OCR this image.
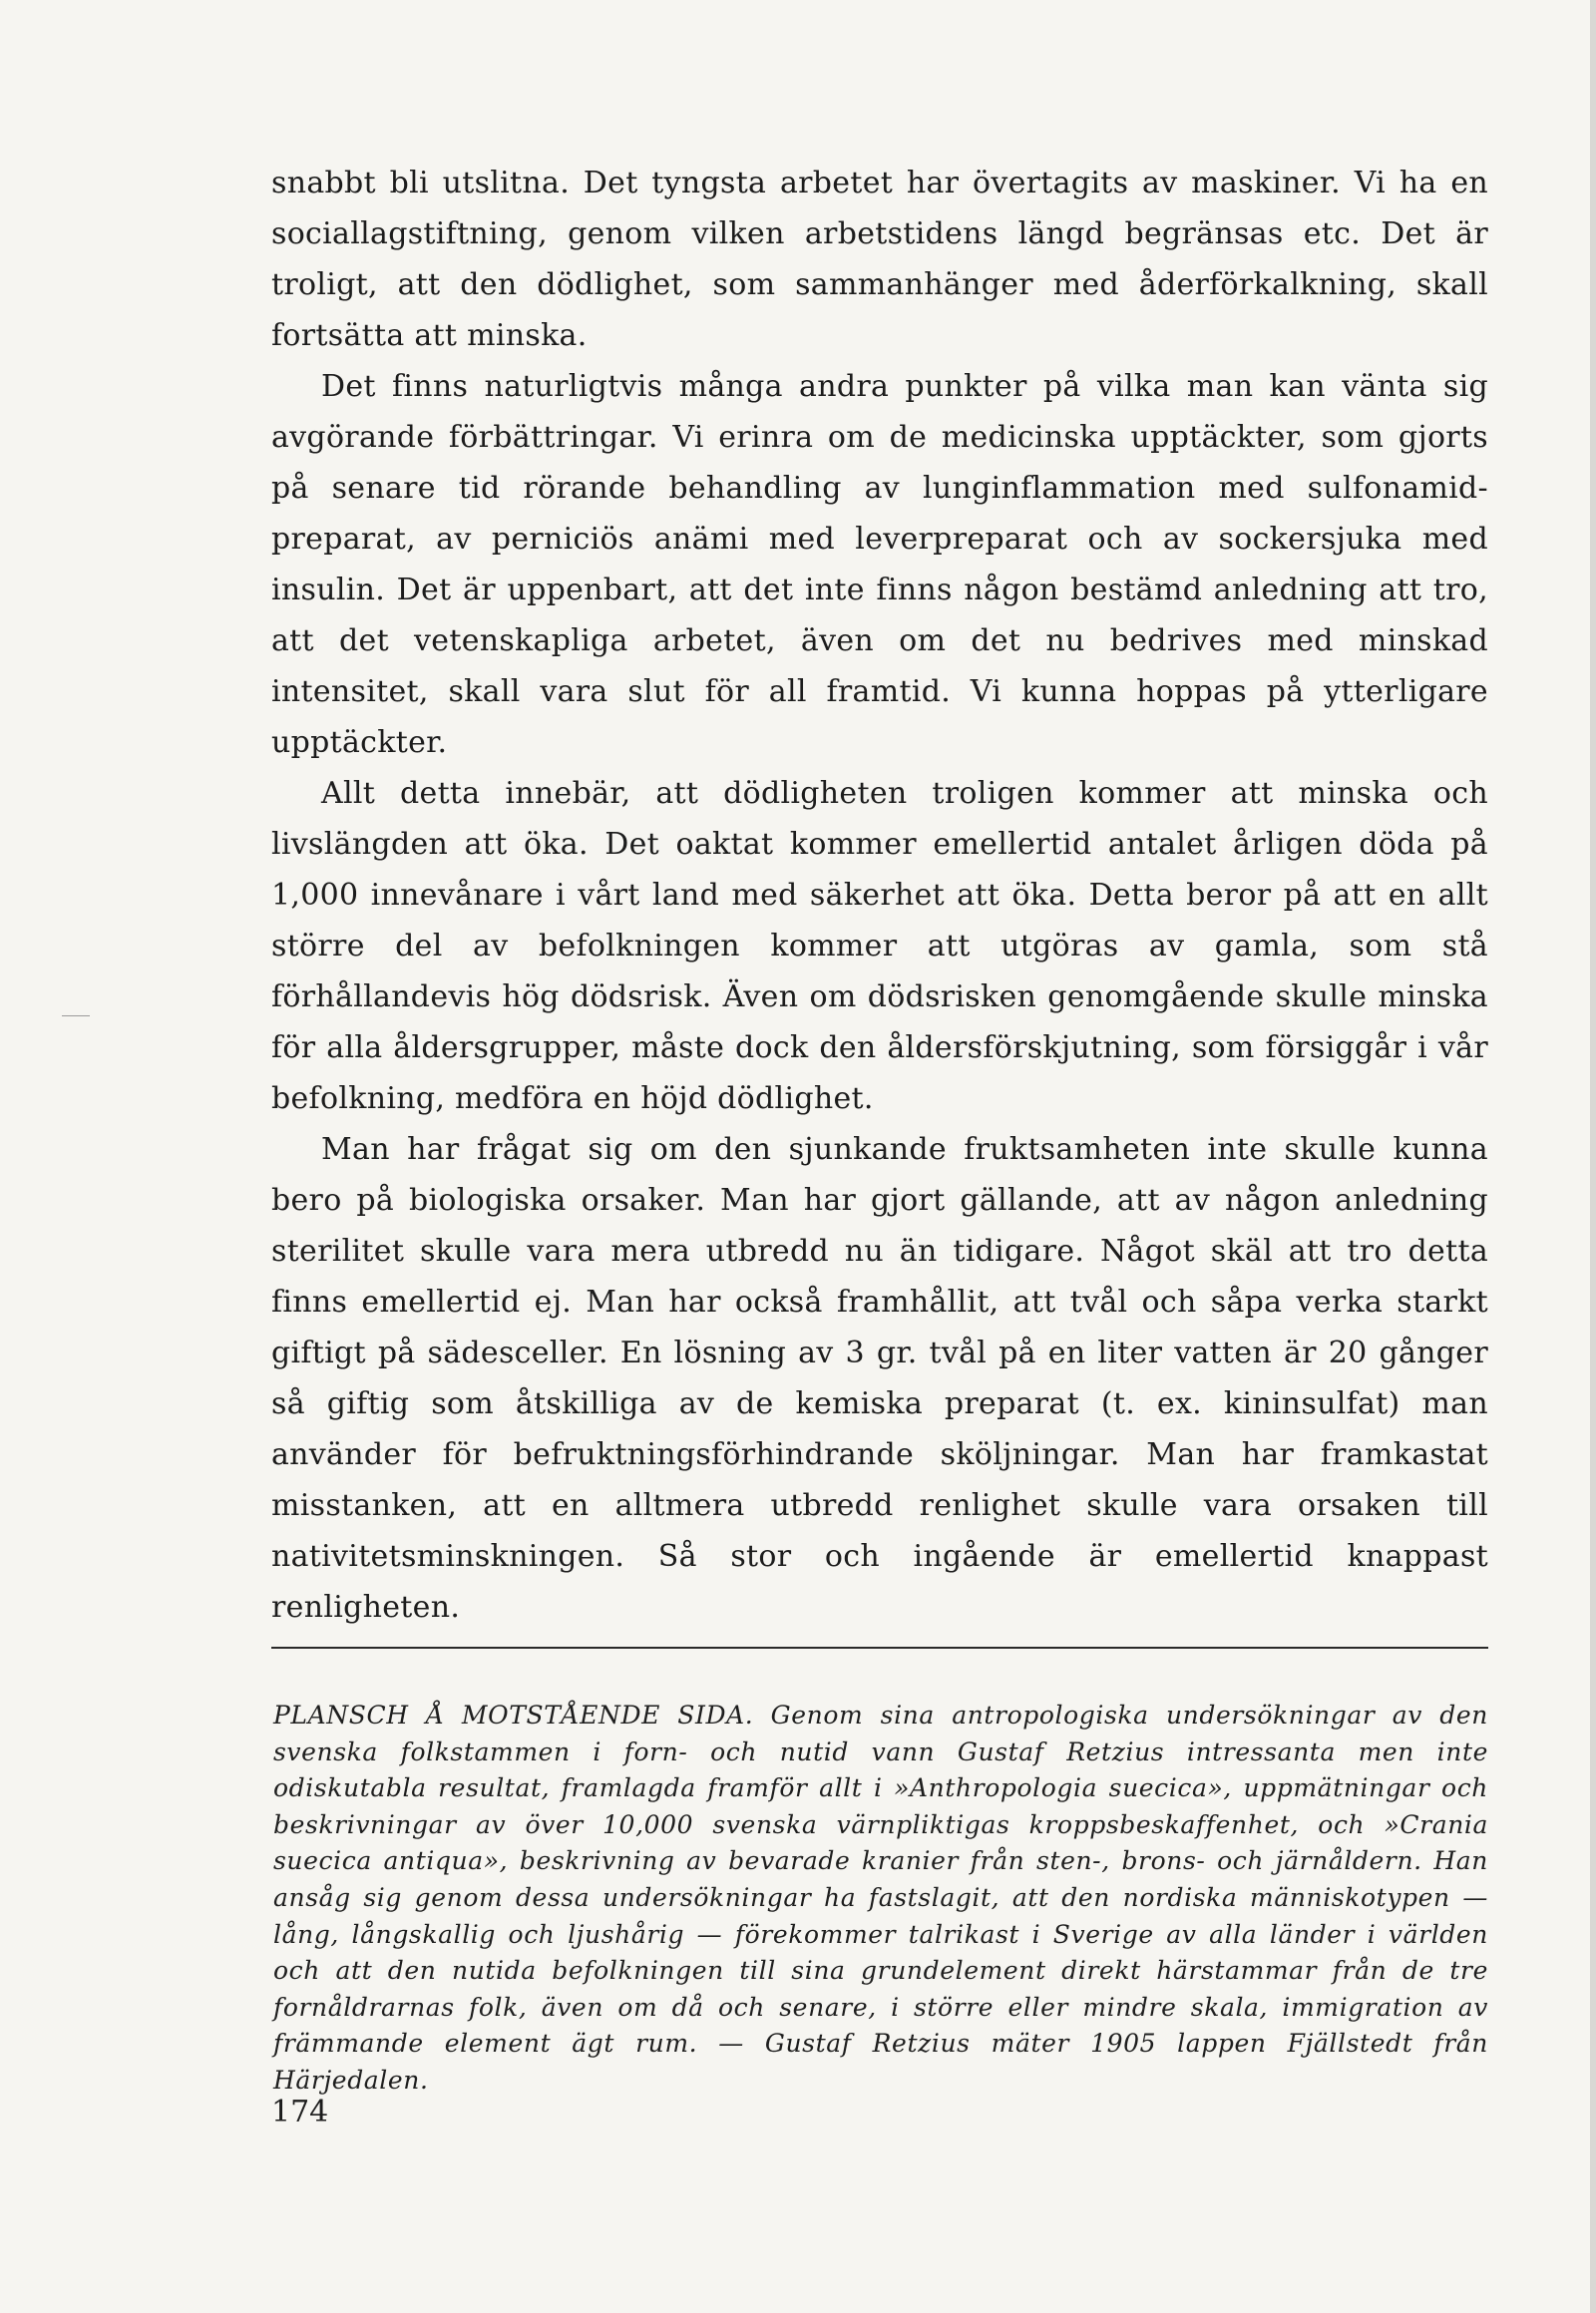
snabbt bli utslitna. Det tyngsta arbetet har övertagits av maskiner. Vi ha en sociallagstiftning, genom vilken arbetstidens längd begränsas etc. Det är troligt, att den dödlighet, som sammanhänger med åderförkalkning, skall fortsätta att minska.

Det finns naturligtvis många andra punkter på vilka man kan vänta sig avgörande förbättringar. Vi erinra om de medicinska upptäckter, som gjorts på senare tid rörande behandling av lunginflammation med sulfonamid-preparat, av perniciös anämi med leverpreparat och av sockersjuka med insulin. Det är uppenbart, att det inte finns någon bestämd anledning att tro, att det vetenskapliga arbetet, även om det nu bedrives med minskad intensitet, skall vara slut för all framtid. Vi kunna hoppas på ytterligare upptäckter.

Allt detta innebär, att dödligheten troligen kommer att minska och livslängden att öka. Det oaktat kommer emellertid antalet årligen döda på 1,000 innevånare i vårt land med säkerhet att öka. Detta beror på att en allt större del av befolkningen kommer att utgöras av gamla, som stå förhållandevis hög dödsrisk. Även om dödsrisken genomgående skulle minska för alla åldersgrupper, måste dock den åldersförskjutning, som försiggår i vår befolkning, medföra en höjd dödlighet.

Man har frågat sig om den sjunkande fruktsamheten inte skulle kunna bero på biologiska orsaker. Man har gjort gällande, att av någon anledning sterilitet skulle vara mera utbredd nu än tidigare. Något skäl att tro detta finns emellertid ej. Man har också framhållit, att tvål och såpa verka starkt giftigt på sädesceller. En lösning av 3 gr. tvål på en liter vatten är 20 gånger så giftig som åtskilliga av de kemiska preparat (t. ex. kininsulfat) man använder för befruktningsförhindrande sköljningar. Man har framkastat misstanken, att en alltmera utbredd renlighet skulle vara orsaken till nativitetsminskningen. Så stor och ingående är emellertid knappast renligheten.

PLANSCH Å MOTSTÅENDE SIDA. Genom sina antropologiska undersökningar av den svenska folkstammen i forn- och nutid vann Gustaf Retzius intressanta men inte odiskutabla resultat, framlagda framför allt i »Anthropologia suecica», uppmätningar och beskrivningar av över 10,000 svenska värnpliktigas kroppsbeskaffenhet, och »Crania suecica antiqua», beskrivning av bevarade kranier från sten-, brons- och järnåldern. Han ansåg sig genom dessa undersökningar ha fastslagit, att den nordiska människotypen — lång, långskallig och ljushårig — förekommer talrikast i Sverige av alla länder i världen och att den nutida befolkningen till sina grundelement direkt härstammar från de tre fornåldrarnas folk, även om då och senare, i större eller mindre skala, immigration av främmande element ägt rum. — Gustaf Retzius mäter 1905 lappen Fjällstedt från Härjedalen.
174
